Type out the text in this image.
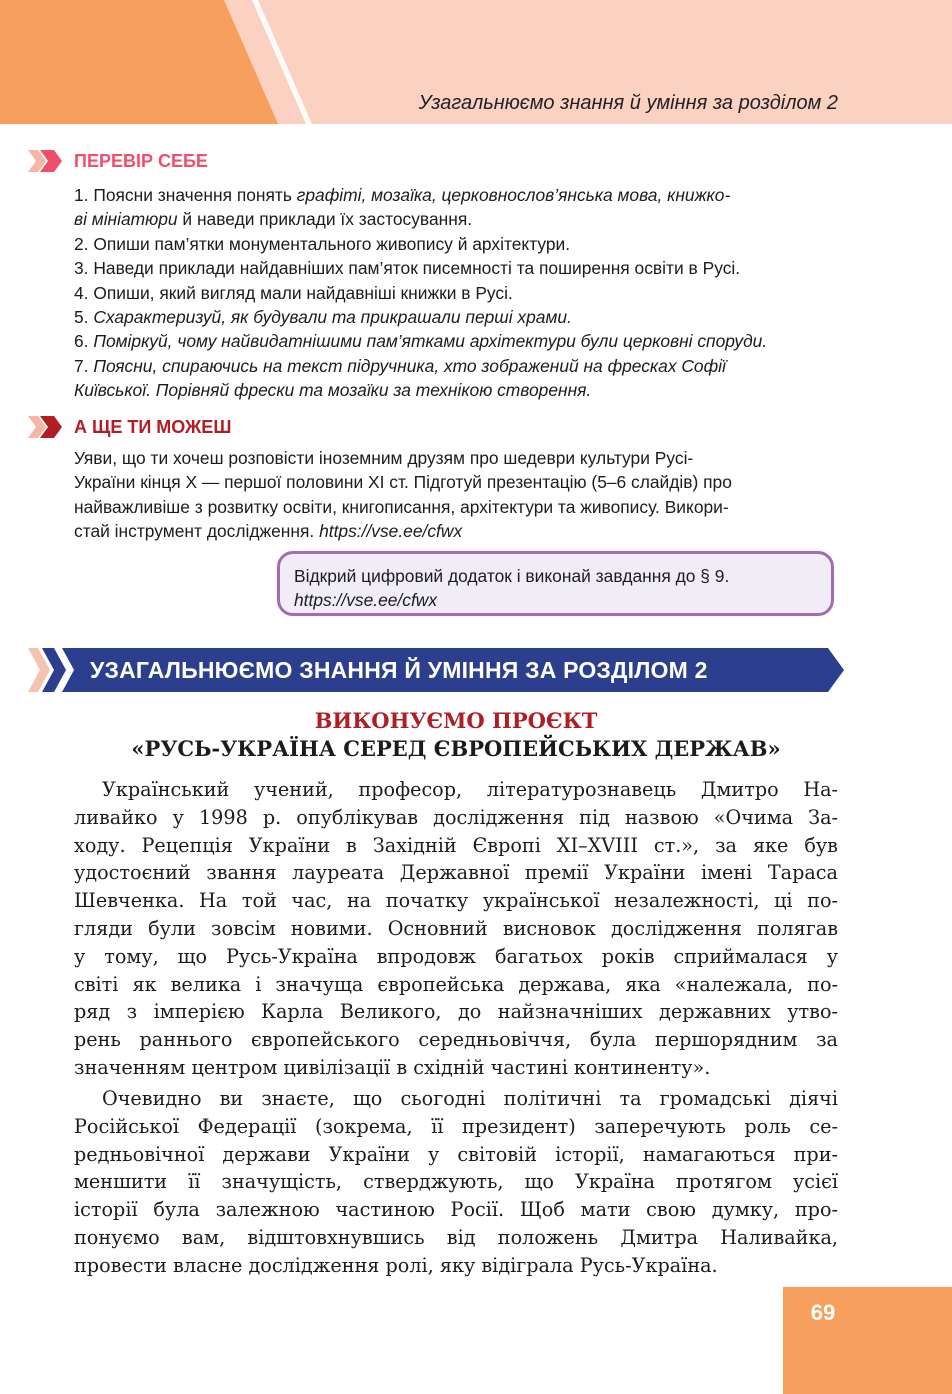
Узагальнюємо знання й уміння за розділом 2
ПЕРЕВІР СЕБЕ
1. Поясни значення понять графіті, мозаїка, церковнослов’янська мова, книжко-
ві мініатюри й наведи приклади їх застосування.
2. Опиши пам’ятки монументального живопису й архітектури.
3. Наведи приклади найдавніших пам’яток писемності та поширення освіти в Русі.
4. Опиши, який вигляд мали найдавніші книжки в Русі.
5. Схарактеризуй, як будували та прикрашали перші храми.
6. Поміркуй, чому найвидатнішими пам’ятками архітектури були церковні споруди.
7. Поясни, спираючись на текст підручника, хто зображений на фресках Софії
Київської. Порівняй фрески та мозаїки за технікою створення.
А ЩЕ ТИ МОЖЕШ
Уяви, що ти хочеш розповісти іноземним друзям про шедеври культури Русі-
України кінця X — першої половини XI ст. Підготуй презентацію (5–6 слайдів) про
найважливіше з розвитку освіти, книгописання, архітектури та живопису. Викори-
стай інструмент дослідження. https://vse.ee/cfwx
Відкрий цифровий додаток і виконай завдання до § 9.
https://vse.ee/cfwx
УЗАГАЛЬНЮЄМО ЗНАННЯ Й УМІННЯ ЗА РОЗДІЛОМ 2
ВИКОНУЄМО ПРОЄКТ
«РУСЬ-УКРАЇНА СЕРЕД ЄВРОПЕЙСЬКИХ ДЕРЖАВ»
Український учений, професор, літературознавець Дмитро На-
ливайко у 1998 р. опублікував дослідження під назвою «Очима За-
ходу. Рецепція України в Західній Європі XI–XVIII ст.», за яке був
удостоєний звання лауреата Державної премії України імені Тараса
Шевченка. На той час, на початку української незалежності, ці по-
гляди були зовсім новими. Основний висновок дослідження полягав
у тому, що Русь-Україна впродовж багатьох років сприймалася у
світі як велика і значуща європейська держава, яка «належала, по-
ряд з імперією Карла Великого, до найзначніших державних утво-
рень раннього європейського середньовіччя, була першорядним за
значенням центром цивілізації в східній частині континенту».
Очевидно ви знаєте, що сьогодні політичні та громадські діячі
Російської Федерації (зокрема, її президент) заперечують роль се-
редньовічної держави України у світовій історії, намагаються при-
меншити її значущість, стверджують, що Україна протягом усієї
історії була залежною частиною Росії. Щоб мати свою думку, про-
понуємо вам, відштовхнувшись від положень Дмитра Наливайка,
провести власне дослідження ролі, яку відіграла Русь-Україна.
69
